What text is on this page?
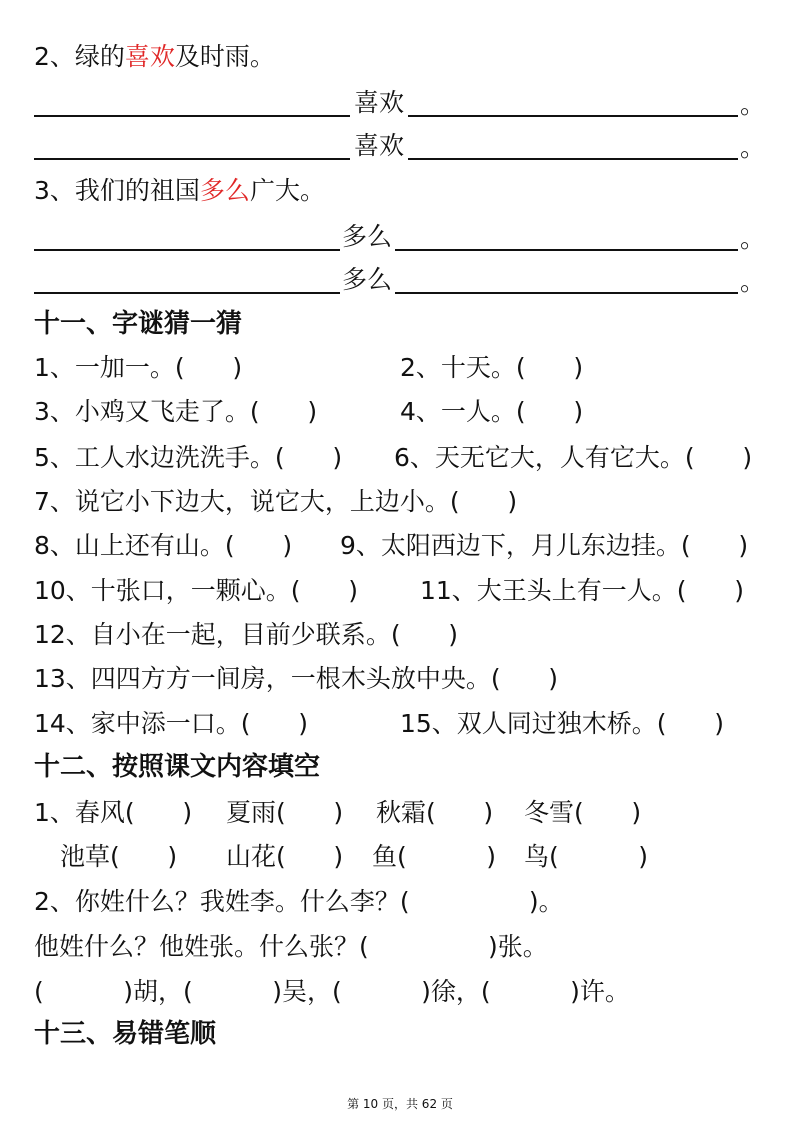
2、绿的喜欢及时雨。
喜欢	。
喜欢	。
3、我们的祖国多么广大。
多么	。
多么	。
十一、字谜猜一猜
1、一加一。(      )	2、十天。(      )
3、小鸡又飞走了。(      )	4、一人。(      )
5、工人水边洗洗手。(      ) 6、天无它大，人有它大。(      )
7、说它小下边大，说它大，上边小。(      )
8、山上还有山。(      ) 9、太阳西边下，月儿东边挂。(      )
10、十张口，一颗心。(      ) 11、大王头上有一人。(      )
12、自小在一起，目前少联系。(      )
13、四四方方一间房，一根木头放中央。(      )
14、家中添一口。(      )	15、双人同过独木桥。(      )
十二、按照课文内容填空
1、春风(      ) 夏雨(      ) 秋霜(      ) 冬雪(      )
池草(      ) 山花(      ) 鱼(          ) 鸟(          )
2、你姓什么？我姓李。什么李？(               )。
他姓什么？他姓张。什么张？(               )张。
(          )胡，(          )吴，(          )徐，(          )许。
十三、易错笔顺
第 10 页，共 62 页
